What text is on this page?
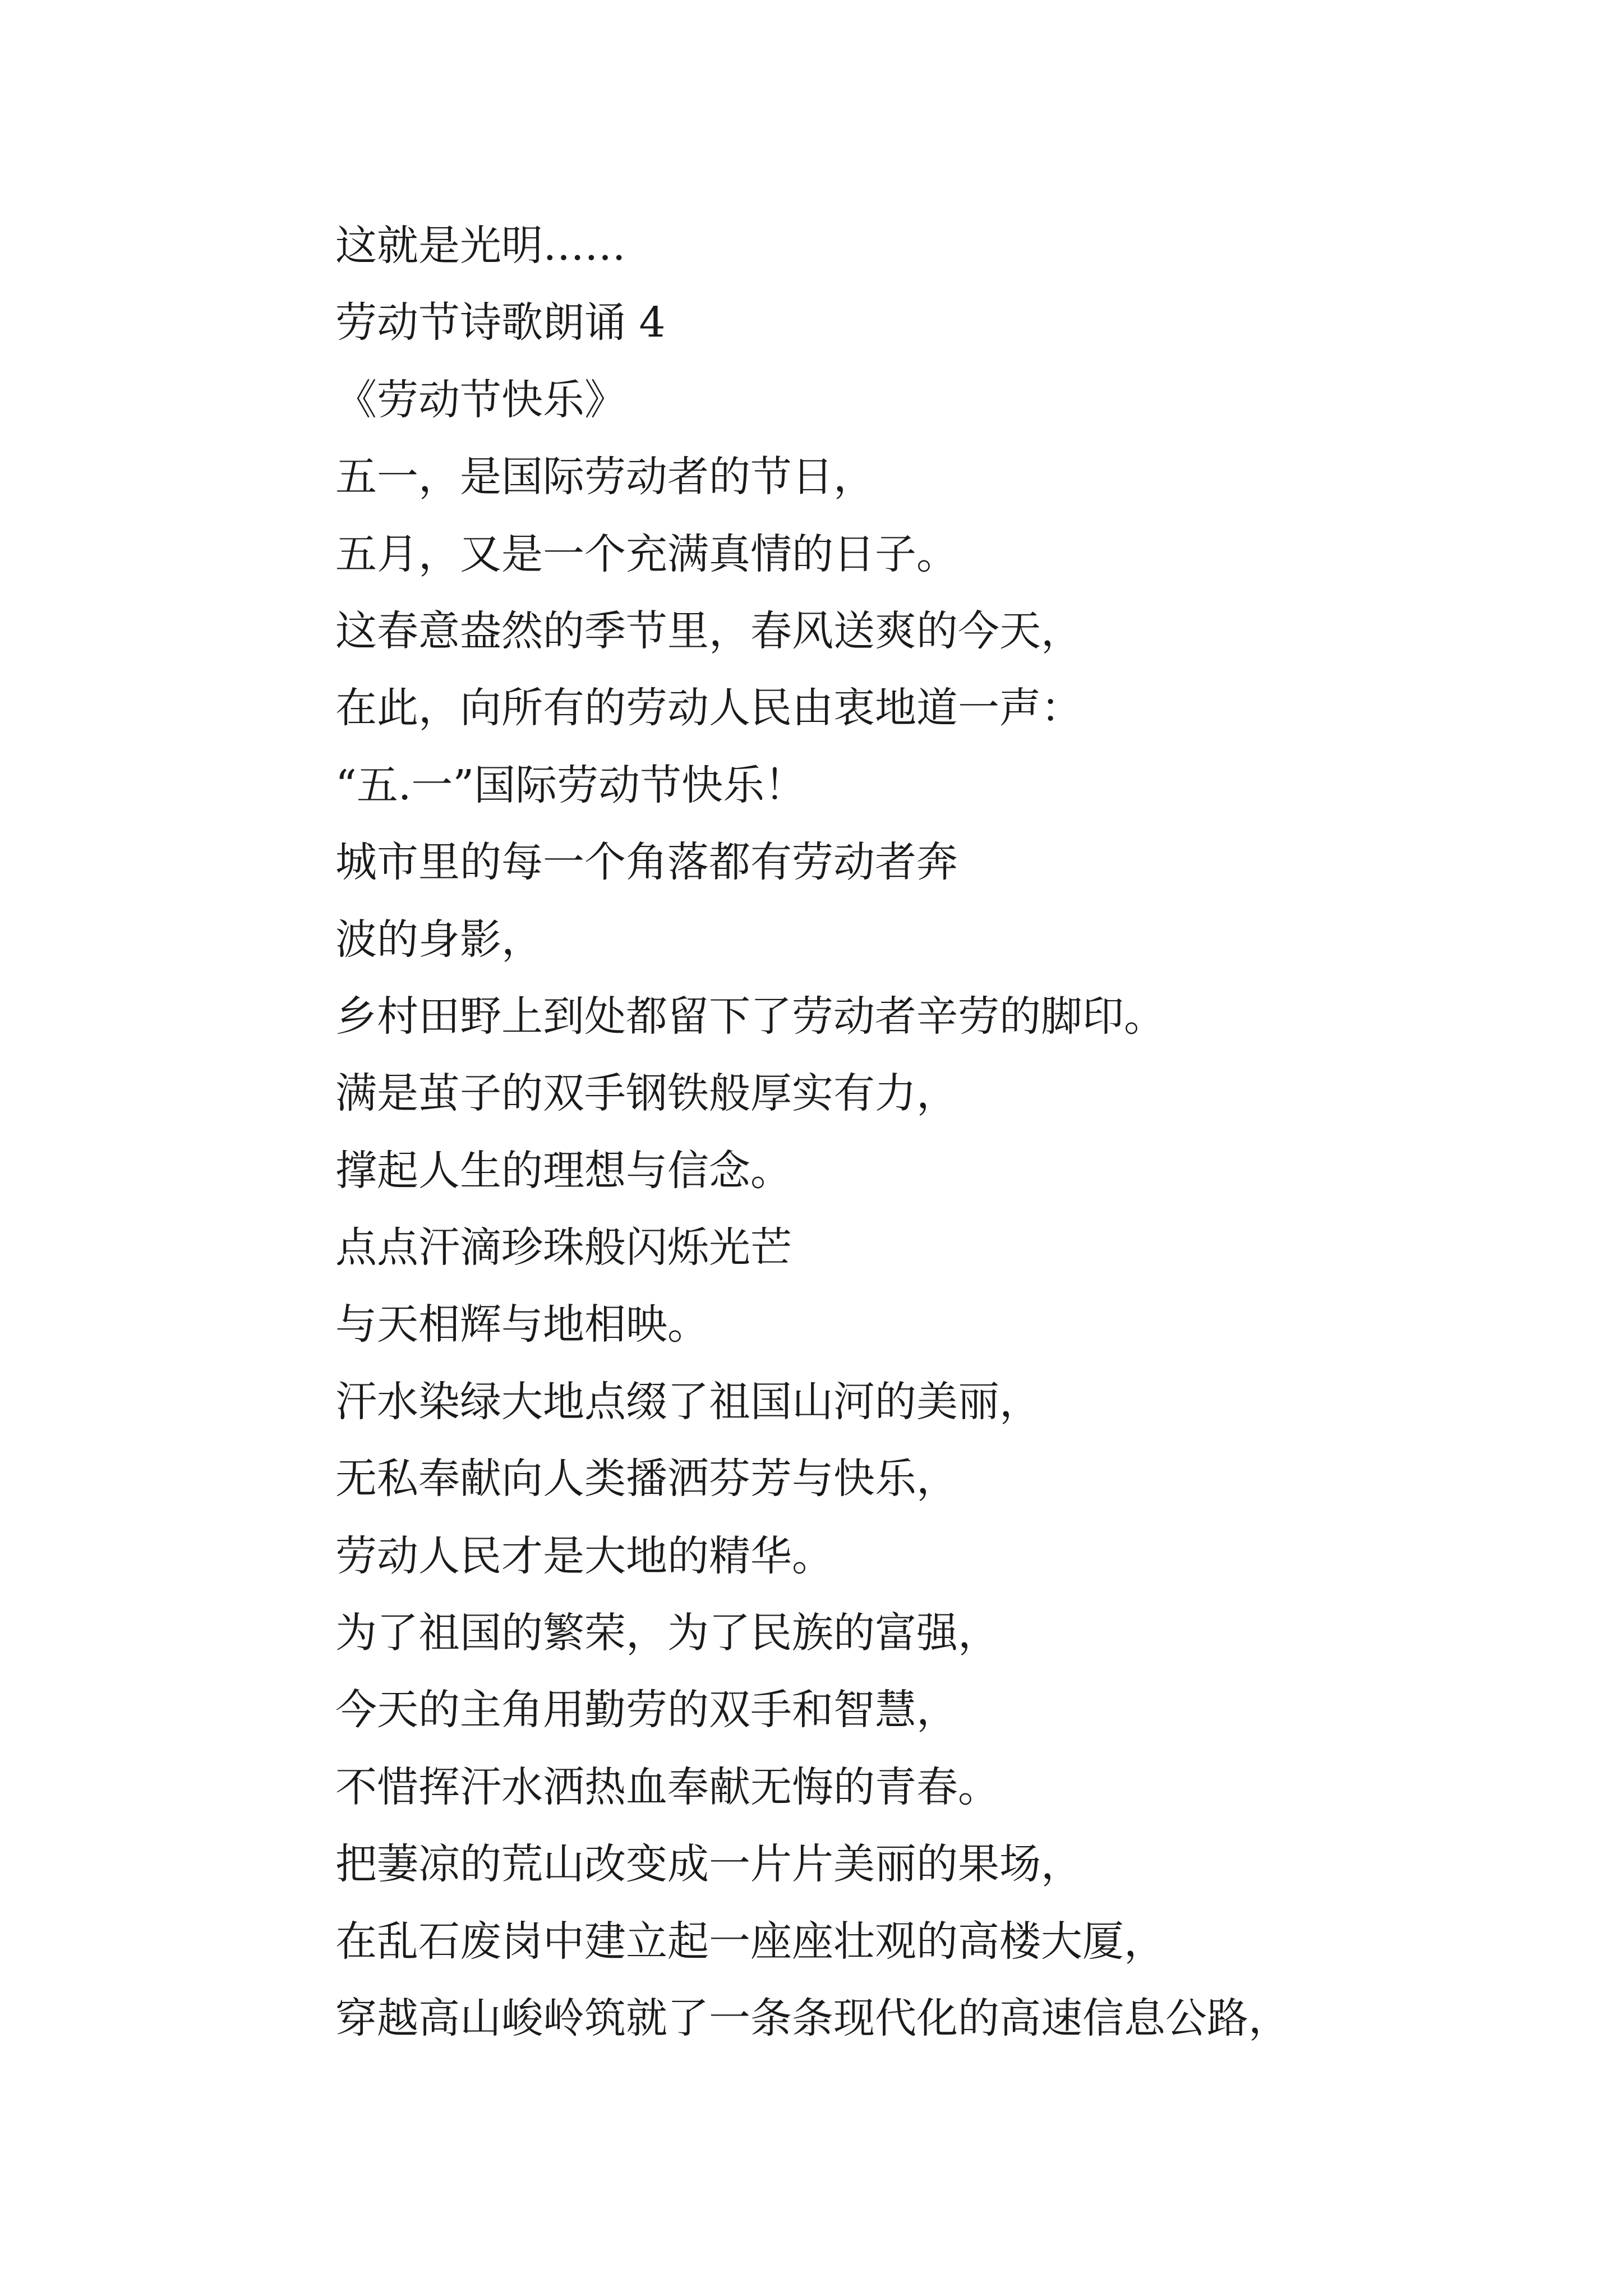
这就是光明……
劳动节诗歌朗诵 4
《劳动节快乐》
五一，是国际劳动者的节日，
五月，又是一个充满真情的日子。
这春意盎然的季节里，春风送爽的今天，
在此，向所有的劳动人民由衷地道一声：
“五.一”国际劳动节快乐！
城市里的每一个角落都有劳动者奔
波的身影，
乡村田野上到处都留下了劳动者辛劳的脚印。
满是茧子的双手钢铁般厚实有力，
撑起人生的理想与信念。
点点汗滴珍珠般闪烁光芒
与天相辉与地相映。
汗水染绿大地点缀了祖国山河的美丽，
无私奉献向人类播洒芬芳与快乐，
劳动人民才是大地的精华。
为了祖国的繁荣，为了民族的富强，
今天的主角用勤劳的双手和智慧，
不惜挥汗水洒热血奉献无悔的青春。
把萋凉的荒山改变成一片片美丽的果场，
在乱石废岗中建立起一座座壮观的高楼大厦，
穿越高山峻岭筑就了一条条现代化的高速信息公路，
